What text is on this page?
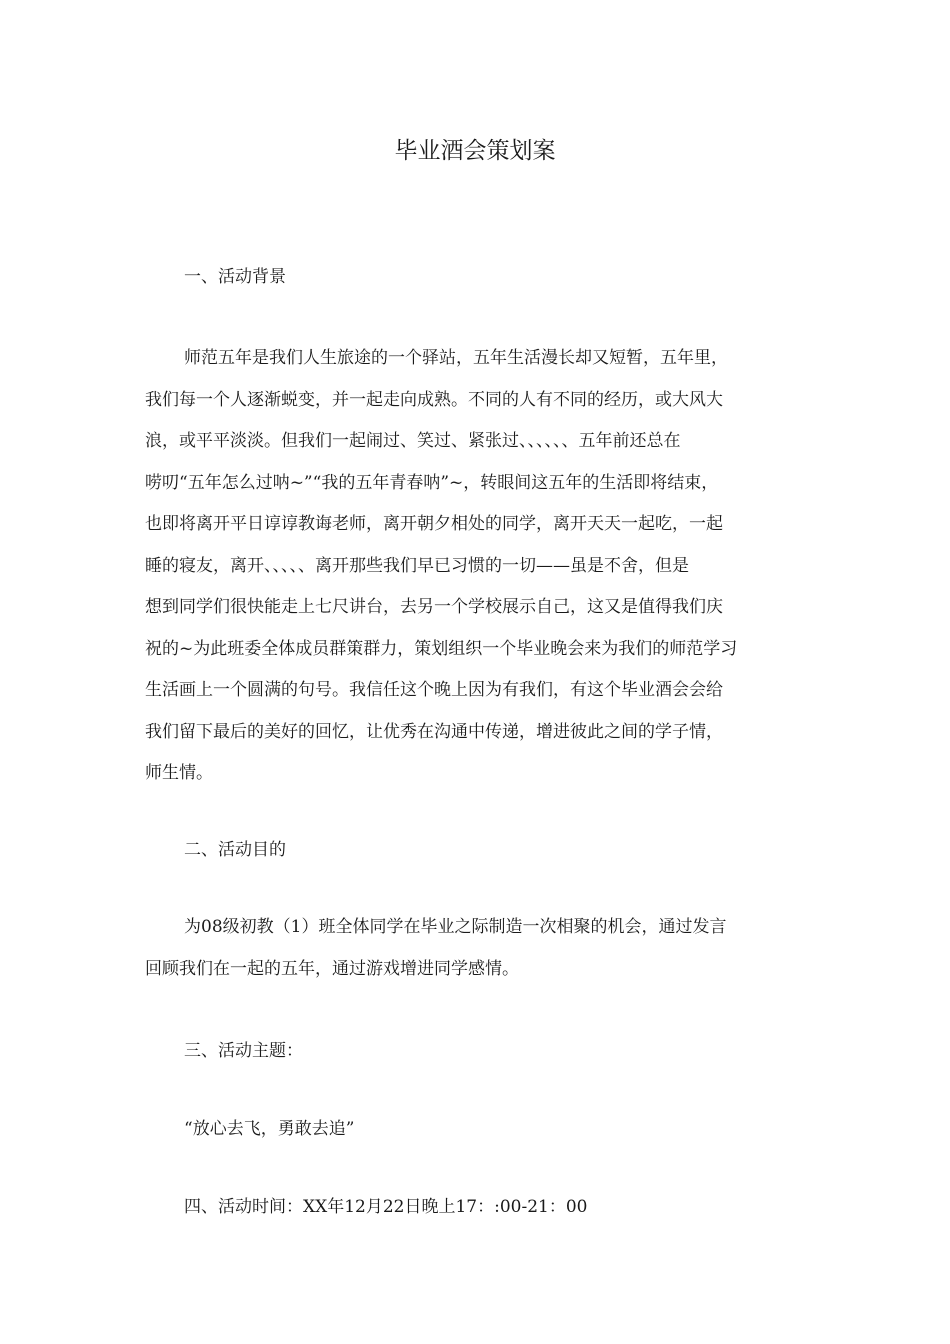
毕业酒会策划案
一、活动背景
师范五年是我们人生旅途的一个驿站，五年生活漫长却又短暂，五年里，
我们每一个人逐渐蜕变，并一起走向成熟。不同的人有不同的经历，或大风大
浪，或平平淡淡。但我们一起闹过、笑过、紧张过、、、、、、五年前还总在
唠叨“五年怎么过呐~”“我的五年青春呐”~，转眼间这五年的生活即将结束，
也即将离开平日谆谆教诲老师，离开朝夕相处的同学，离开天天一起吃，一起
睡的寝友，离开、、、、、离开那些我们早已习惯的一切——虽是不舍，但是
想到同学们很快能走上七尺讲台，去另一个学校展示自己，这又是值得我们庆
祝的~为此班委全体成员群策群力，策划组织一个毕业晚会来为我们的师范学习
生活画上一个圆满的句号。我信任这个晚上因为有我们，有这个毕业酒会会给
我们留下最后的美好的回忆，让优秀在沟通中传递，增进彼此之间的学子情，
师生情。
二、活动目的
为08级初教（1）班全体同学在毕业之际制造一次相聚的机会，通过发言
回顾我们在一起的五年，通过游戏增进同学感情。
三、活动主题：
“放心去飞，勇敢去追”
四、活动时间：XX年12月22日晚上17：:00-21：00
